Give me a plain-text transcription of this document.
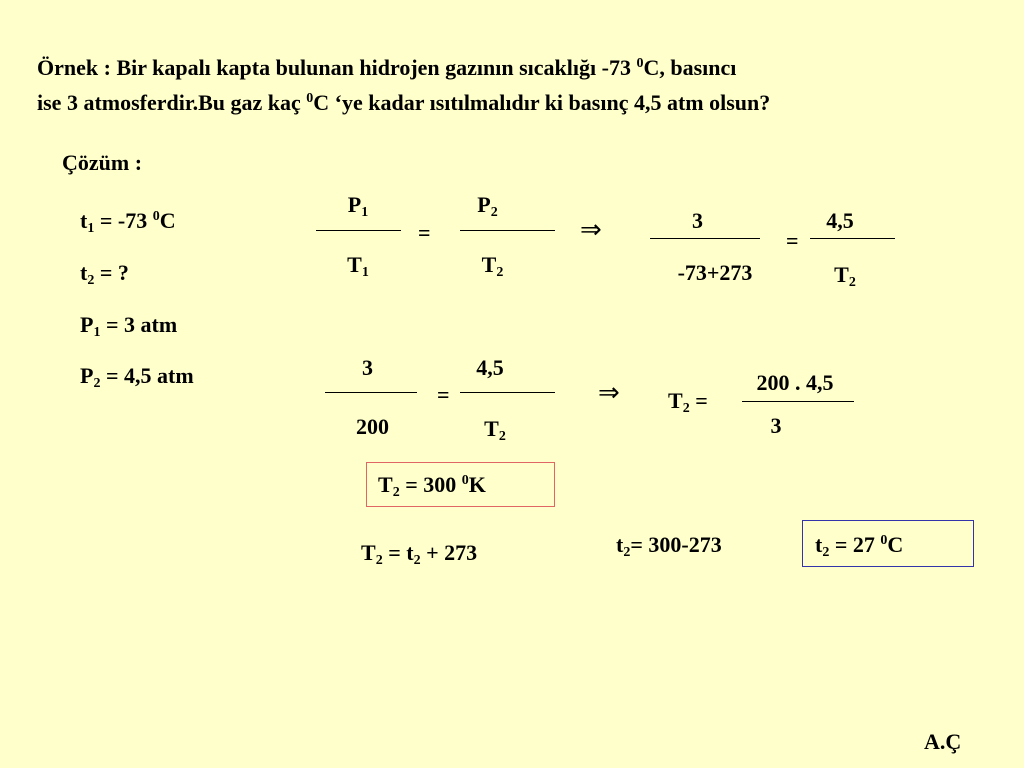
Örnek : Bir kapalı kapta bulunan hidrojen gazının sıcaklığı -73 $^0$C, basıncı
ise 3 atmosferdir.Bu gaz kaç $^0$C ‘ye kadar ısıtılmalıdır ki basınç 4,5 atm olsun?
Çözüm :
$t_1 = -73$ $^0$C
$t_2$ = ?
$P_1 = 3$ atm
$P_2 = 4,5$ atm
$P_1$
$T_1$
=
$P_2$
$T_2$
⇒	3
-73+273
=
4,5
$T_2$
3
200
=
4,5
$T_2$
⇒ $T_2$ =
200 . 4,5
3
$T_2 = 300$ $^0$K
$T_2 = t_2 + 273$	$t_2= 300-273$	$t_2 = 27$ $^0$C
A.Ç
